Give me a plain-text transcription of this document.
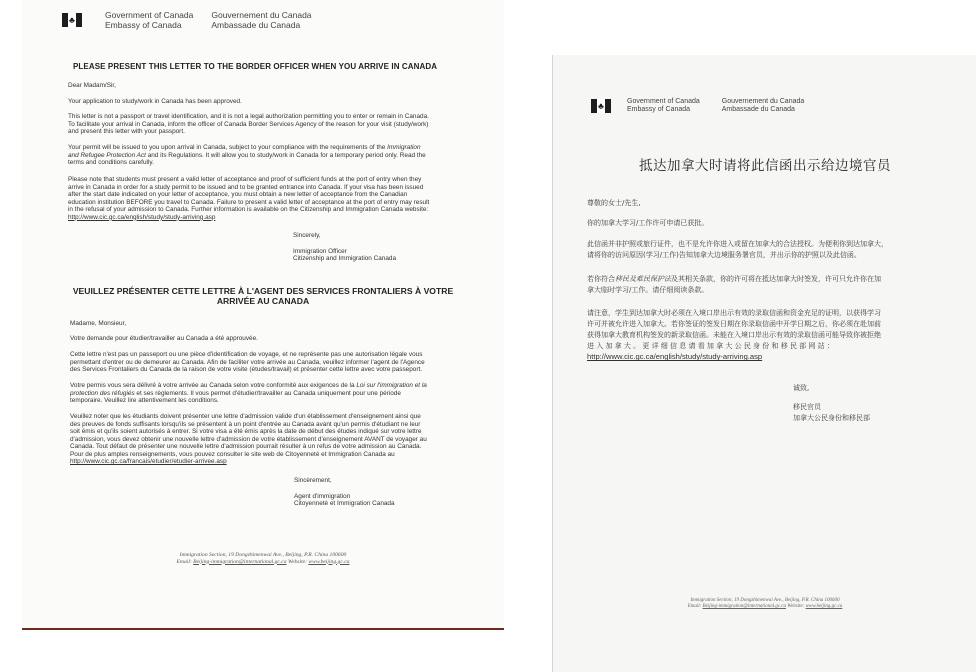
♣	Government of Canada
Embassy of Canada
Gouvernement du Canada
Ambassade du Canada
PLEASE PRESENT THIS LETTER TO THE BORDER OFFICER WHEN YOU ARRIVE IN CANADA
Dear Madam/Sir,
Your application to study/work in Canada has been approved.
This letter is not a passport or travel identification, and it is not a legal authorization permitting you to enter or remain in Canada.
To facilitate your arrival in Canada, inform the officer of Canada Border Services Agency of the reason for your visit (study/work)
and present this letter with your passport.
Your permit will be issued to you upon arrival in Canada, subject to your compliance with the requirements of the Immigration
and Refugee Protection Act and its Regulations. It will allow you to study/work in Canada for a temporary period only. Read the
terms and conditions carefully.
Please note that students must present a valid letter of acceptance and proof of sufficient funds at the port of entry when they
arrive in Canada in order for a study permit to be issued and to be granted entrance into Canada. If your visa has been issued
after the start date indicated on your letter of acceptance, you must obtain a new letter of acceptance from the Canadian
education institution BEFORE you travel to Canada. Failure to present a valid letter of acceptance at the port of entry may result
in the refusal of your admission to Canada. Further information is available on the Citizenship and Immigration Canada website:
http://www.cic.gc.ca/english/study/study-arriving.asp
Sincerely,
Immigration Officer
Citizenship and Immigration Canada
VEUILLEZ PRÉSENTER CETTE LETTRE À L'AGENT DES SERVICES FRONTALIERS À VOTRE
ARRIVÉE AU CANADA
Madame, Monsieur,
Votre demande pour étudier/travailler au Canada a été approuvée.
Cette lettre n'est pas un passeport ou une pièce d'identification de voyage, et ne représente pas une autorisation légale vous
permettant d'entrer ou de demeurer au Canada. Afin de faciliter votre arrivée au Canada, veuillez informer l'agent de l'Agence
des Services Frontaliers du Canada de la raison de votre visite (études/travail) et présenter cette lettre avec votre passeport.
Votre permis vous sera délivré à votre arrivée au Canada selon votre conformité aux exigences de la Loi sur l'immigration et la
protection des réfugiés et ses règlements. Il vous permet d'étudier/travailler au Canada uniquement pour une période
temporaire. Veuillez lire attentivement les conditions.
Veuillez noter que les étudiants doivent présenter une lettre d'admission valide d'un établissement d'enseignement ainsi que
des preuves de fonds suffisants lorsqu'ils se présentent à un point d'entrée au Canada avant qu'un permis d'étudiant ne leur
soit émis et qu'ils soient autorisés à entrer. Si votre visa a été émis après la date de début des études indiqué sur votre lettre
d'admission, vous devez obtenir une nouvelle lettre d'admission de votre établissement d'enseignement AVANT de voyager au
Canada. Tout défaut de présenter une nouvelle lettre d'admission pourrait résulter à un refus de votre admission au Canada.
Pour de plus amples renseignements, vous pouvez consulter le site web de Citoyenneté et Immigration Canada au
http://www.cic.gc.ca/francais/etudier/etudier-arrivee.asp
Sincèrement,
Agent d'immigration
Citoyenneté et Immigration Canada
Immigration Section, 19 Dongzhimenwai Ave., Beijing, P.R. China 100600
Email: Beijing-immigration@international.gc.ca Website: www.beijing.gc.ca
♣	Government of Canada
Embassy of Canada
Gouvernement du Canada
Ambassade du Canada
抵达加拿大时请将此信函出示给边境官员
尊敬的女士/先生,
你的加拿大学习/工作许可申请已获批。
此信函并非护照或旅行证件，也不是允许你进入或留在加拿大的合法授权。为便利你到达加拿大，
请将你的访问原因(学习/工作)告知加拿大边境服务署官员，并出示你的护照以及此信函。
若你符合移民及难民保护法及其相关条款，你的许可将在抵达加拿大时签发，许可只允许你在加
拿大临时学习/工作。请仔细阅读条款。
请注意，学生到达加拿大时必须在入境口岸出示有效的录取信函和资金充足的证明，以获得学习
许可并被允许进入加拿大。若你签证的签发日期在你录取信函中开学日期之后，你必须在赴加前
获得加拿大教育机构签发的新录取信函。未能在入境口岸出示有效的录取信函可能导致你被拒绝
进 入 加 拿 大 。 更 详 细 信 息 请 看 加 拿 大 公 民 身 份 和 移 民 部 网 站 ：
http://www.cic.gc.ca/english/study/study-arriving.asp
诚致,
移民官员
加拿大公民身份和移民部
Immigration Section, 19 Dongzhimenwai Ave., Beijing, P.R. China 100600
Email: Beijing-immigration@international.gc.ca Website: www.beijing.gc.ca
